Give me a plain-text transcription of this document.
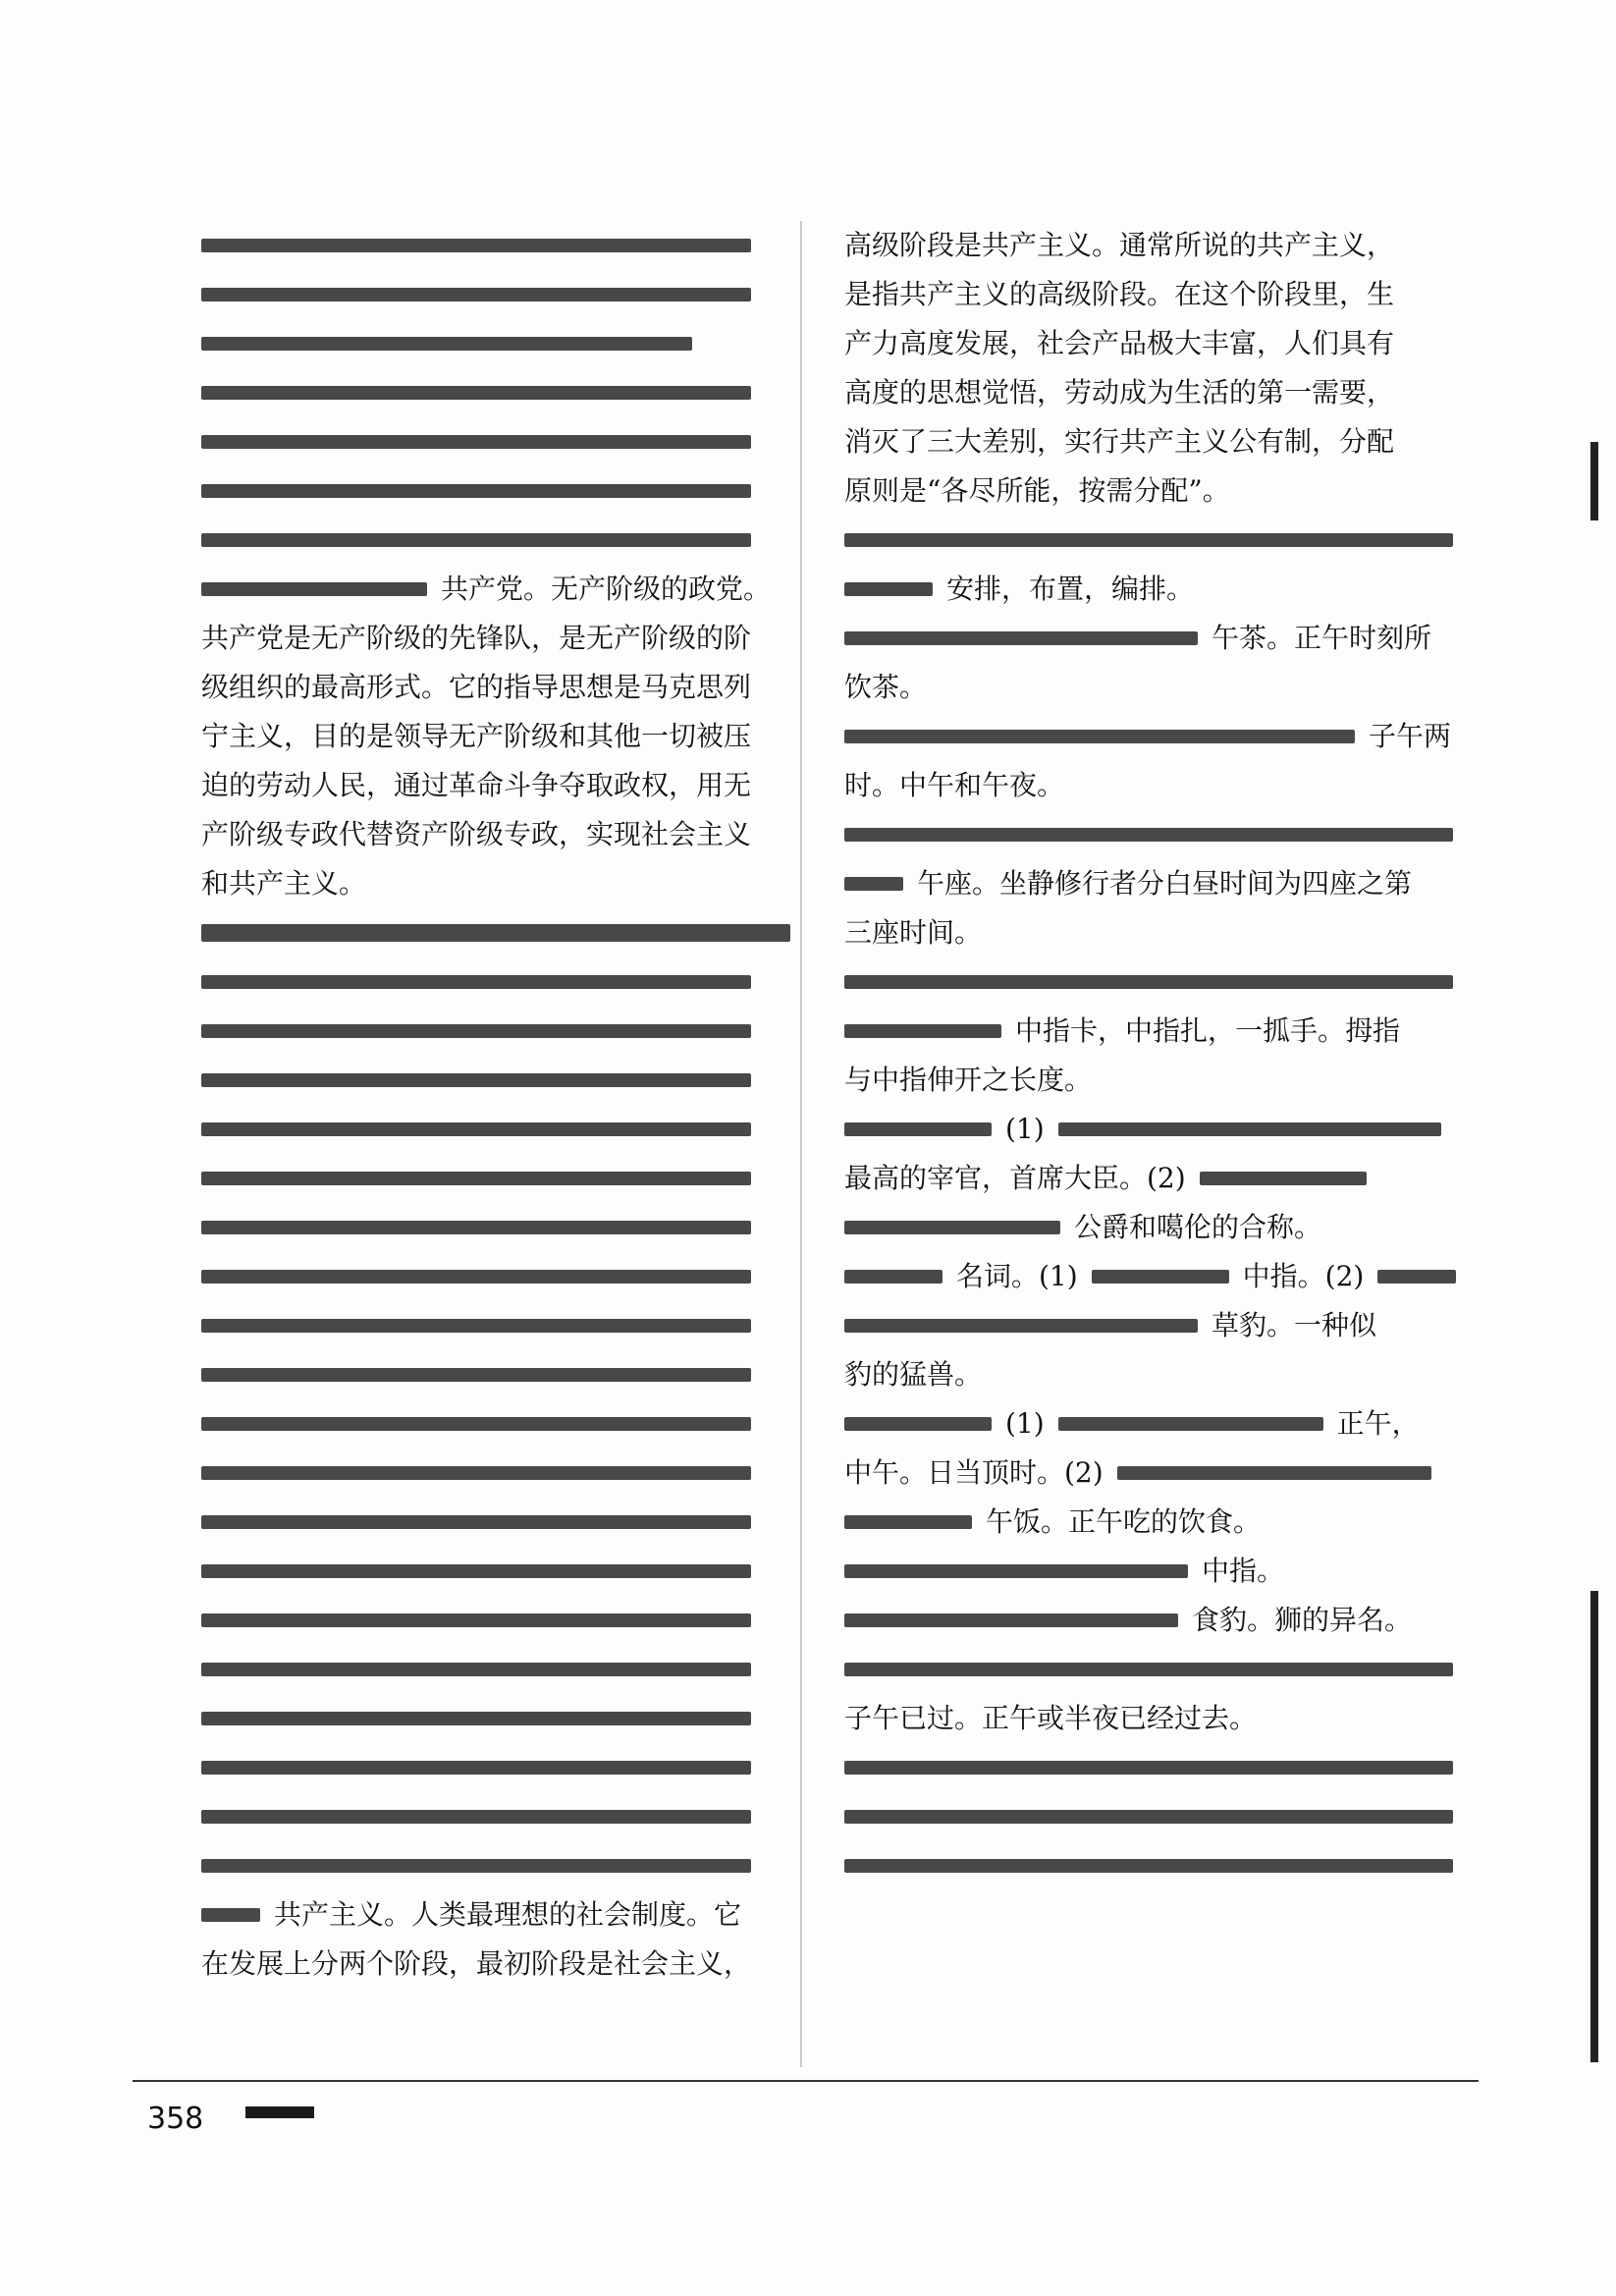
共产党。无产阶级的政党。
共产党是无产阶级的先锋队，是无产阶级的阶
级组织的最高形式。它的指导思想是马克思列
宁主义，目的是领导无产阶级和其他一切被压
迫的劳动人民，通过革命斗争夺取政权，用无
产阶级专政代替资产阶级专政，实现社会主义
和共产主义。
共产主义。人类最理想的社会制度。它
在发展上分两个阶段，最初阶段是社会主义，
高级阶段是共产主义。通常所说的共产主义，
是指共产主义的高级阶段。在这个阶段里，生
产力高度发展，社会产品极大丰富，人们具有
高度的思想觉悟，劳动成为生活的第一需要，
消灭了三大差别，实行共产主义公有制，分配
原则是“各尽所能，按需分配”。
安排，布置，编排。
午茶。正午时刻所
饮茶。
子午两
时。中午和午夜。
午座。坐静修行者分白昼时间为四座之第
三座时间。
中指卡，中指扎，一㧓手。拇指
与中指伸开之长度。
(1)
最高的宰官，首席大臣。(2)
公爵和噶伦的合称。
名词。(1)	中指。(2)
草豹。一种似
豹的猛兽。
(1)	正午，
中午。日当顶时。(2)
午饭。正午吃的饮食。
中指。
食豹。狮的异名。
子午已过。正午或半夜已经过去。
358
